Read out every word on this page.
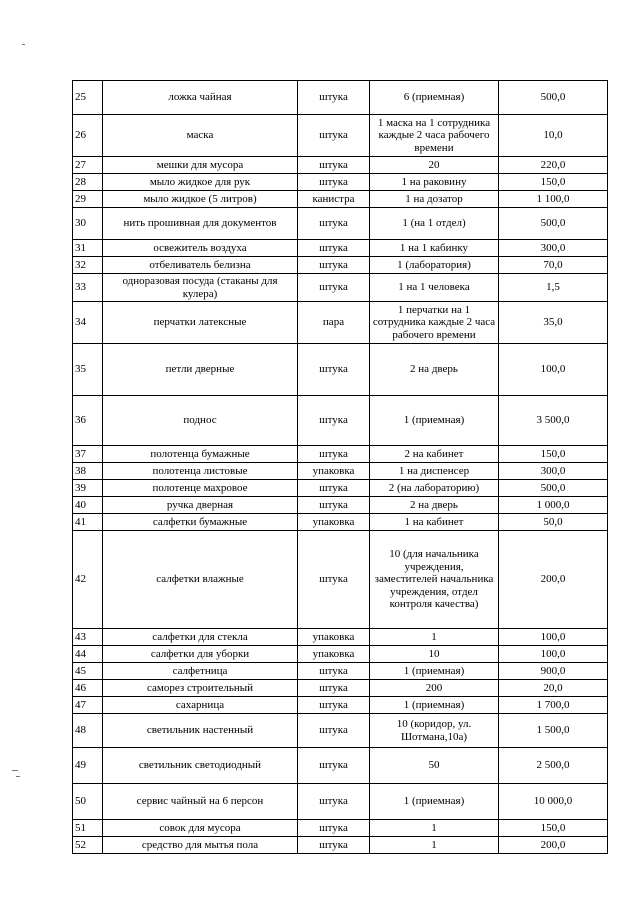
25	ложка чайная	штука	6 (приемная)	500,0
26	маска	штука	1 маска на 1 сотрудника каждые 2 часа рабочего времени	10,0
27	мешки для мусора	штука	20	220,0
28	мыло жидкое для рук	штука	1 на раковину	150,0
29	мыло жидкое (5 литров)	канистра	1 на дозатор	1 100,0
30	нить прошивная для документов	штука	1 (на 1 отдел)	500,0
31	освежитель воздуха	штука	1 на 1 кабинку	300,0
32	отбеливатель белизна	штука	1 (лаборатория)	70,0
33	одноразовая посуда (стаканы для кулера)	штука	1 на 1 человека	1,5
34	перчатки латексные	пара	1 перчатки на 1 сотрудника каждые 2 часа рабочего времени	35,0
35	петли дверные	штука	2 на дверь	100,0
36	поднос	штука	1 (приемная)	3 500,0
37	полотенца бумажные	штука	2 на кабинет	150,0
38	полотенца листовые	упаковка	1 на диспенсер	300,0
39	полотенце махровое	штука	2 (на лабораторию)	500,0
40	ручка дверная	штука	2 на дверь	1 000,0
41	салфетки бумажные	упаковка	1 на кабинет	50,0
42	салфетки влажные	штука	10 (для начальника учреждения, заместителей начальника учреждения, отдел контроля качества)	200,0
43	салфетки для стекла	упаковка	1	100,0
44	салфетки для уборки	упаковка	10	100,0
45	салфетница	штука	1 (приемная)	900,0
46	саморез строительный	штука	200	20,0
47	сахарница	штука	1 (приемная)	1 700,0
48	светильник настенный	штука	10 (коридор, ул. Шотмана,10а)	1 500,0
49	светильник светодиодный	штука	50	2 500,0
50	сервис чайный на 6 персон	штука	1 (приемная)	10 000,0
51	совок для мусора	штука	1	150,0
52	средство для мытья пола	штука	1	200,0
